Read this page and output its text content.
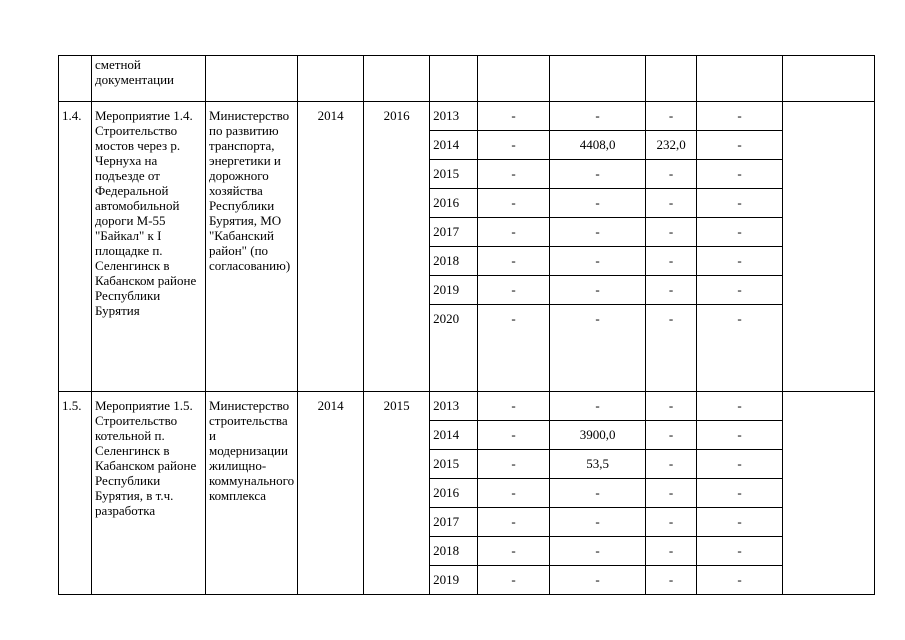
	сметной документации									
1.4.	Мероприятие 1.4. Строительство мостов через р. Чернуха на подъезде от Федеральной автомобильной дороги М-55 "Байкал" к I площадке п. Селенгинск в Кабанском районе Республики Бурятия	Министерство по развитию транспорта, энергетики и дорожного хозяйства Республики Бурятия, МО "Кабанский район" (по согласованию)	2014	2016	2013	-	-	-	-	
					2014	-	4408,0	232,0	-	
					2015	-	-	-	-	
					2016	-	-	-	-	
					2017	-	-	-	-	
					2018	-	-	-	-	
					2019	-	-	-	-	
					2020	-	-	-	-	
1.5.	Мероприятие 1.5. Строительство котельной п. Селенгинск в Кабанском районе Республики Бурятия, в т.ч. разработка	Министерство строительства и модернизации жилищно-коммунального комплекса	2014	2015	2013	-	-	-	-	
					2014	-	3900,0	-	-	
					2015	-	53,5	-	-	
					2016	-	-	-	-	
					2017	-	-	-	-	
					2018	-	-	-	-	
					2019	-	-	-	-	
